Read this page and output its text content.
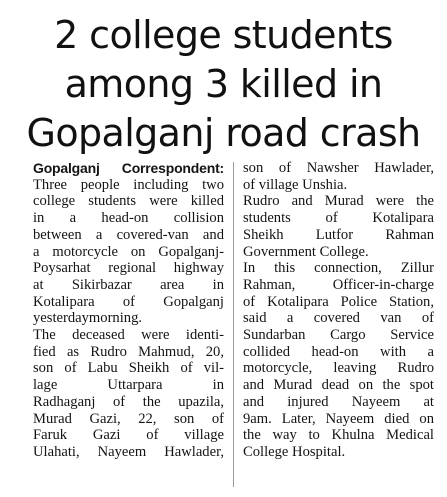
2 college students
among 3 killed in
Gopalganj road crash
Gopalganj Correspondent:
Three people including two
college students were killed
in a head-on collision
between a covered-van and
a motorcycle on Gopalganj-
Poysarhat regional highway
at Sikirbazar area in
Kotalipara of Gopalganj
yesterdaymorning.
The deceased were identi-
fied as Rudro Mahmud, 20,
son of Labu Sheikh of vil-
lage Uttarpara in
Radhaganj of the upazila,
Murad Gazi, 22, son of
Faruk Gazi of village
Ulahati, Nayeem Hawlader,
son of Nawsher Hawlader,
of village Unshia.
Rudro and Murad were the
students of Kotalipara
Sheikh Lutfor Rahman
Government College.
In this connection, Zillur
Rahman, Officer-in-charge
of Kotalipara Police Station,
said a covered van of
Sundarban Cargo Service
collided head-on with a
motorcycle, leaving Rudro
and Murad dead on the spot
and injured Nayeem at
9am. Later, Nayeem died on
the way to Khulna Medical
College Hospital.
